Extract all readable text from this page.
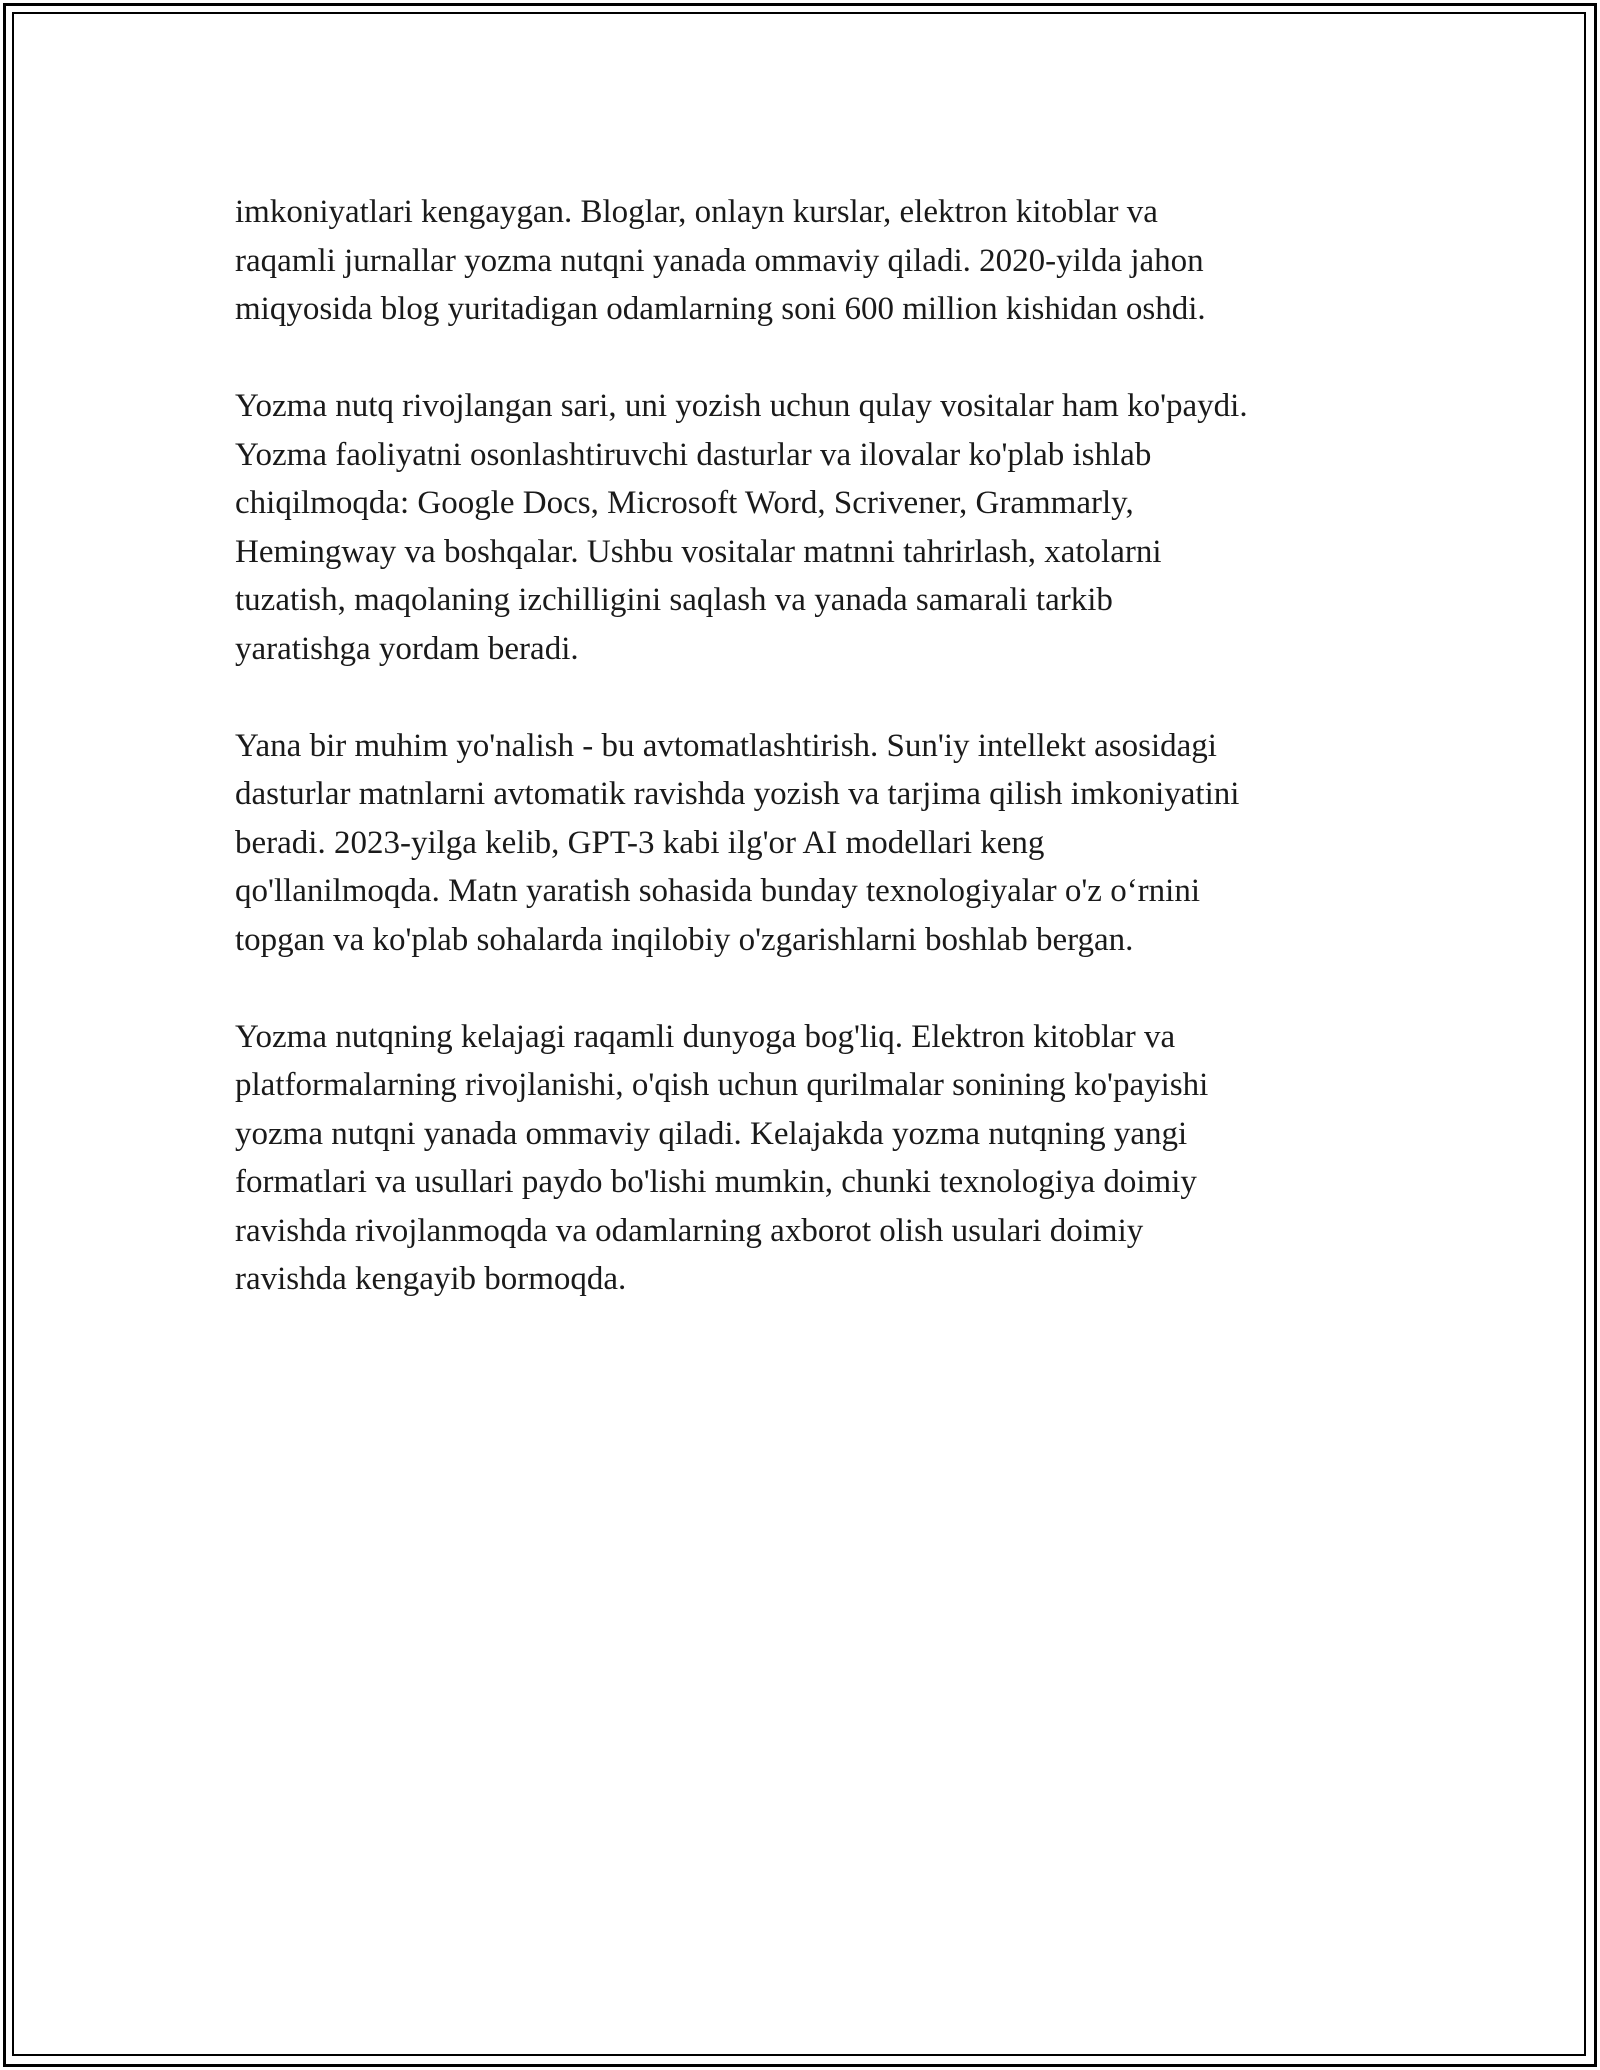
imkoniyatlari kengaygan. Bloglar, onlayn kurslar, elektron kitoblar va
raqamli jurnallar yozma nutqni yanada ommaviy qiladi. 2020-yilda jahon
miqyosida blog yuritadigan odamlarning soni 600 million kishidan oshdi.

Yozma nutq rivojlangan sari, uni yozish uchun qulay vositalar ham ko'paydi.
Yozma faoliyatni osonlashtiruvchi dasturlar va ilovalar ko'plab ishlab
chiqilmoqda: Google Docs, Microsoft Word, Scrivener, Grammarly,
Hemingway va boshqalar. Ushbu vositalar matnni tahrirlash, xatolarni
tuzatish, maqolaning izchilligini saqlash va yanada samarali tarkib
yaratishga yordam beradi.

Yana bir muhim yo'nalish - bu avtomatlashtirish. Sun'iy intellekt asosidagi
dasturlar matnlarni avtomatik ravishda yozish va tarjima qilish imkoniyatini
beradi. 2023-yilga kelib, GPT-3 kabi ilg'or AI modellari keng
qo'llanilmoqda. Matn yaratish sohasida bunday texnologiyalar o'z o‘rnini
topgan va ko'plab sohalarda inqilobiy o'zgarishlarni boshlab bergan.

Yozma nutqning kelajagi raqamli dunyoga bog'liq. Elektron kitoblar va
platformalarning rivojlanishi, o'qish uchun qurilmalar sonining ko'payishi
yozma nutqni yanada ommaviy qiladi. Kelajakda yozma nutqning yangi
formatlari va usullari paydo bo'lishi mumkin, chunki texnologiya doimiy
ravishda rivojlanmoqda va odamlarning axborot olish usulari doimiy
ravishda kengayib bormoqda.
